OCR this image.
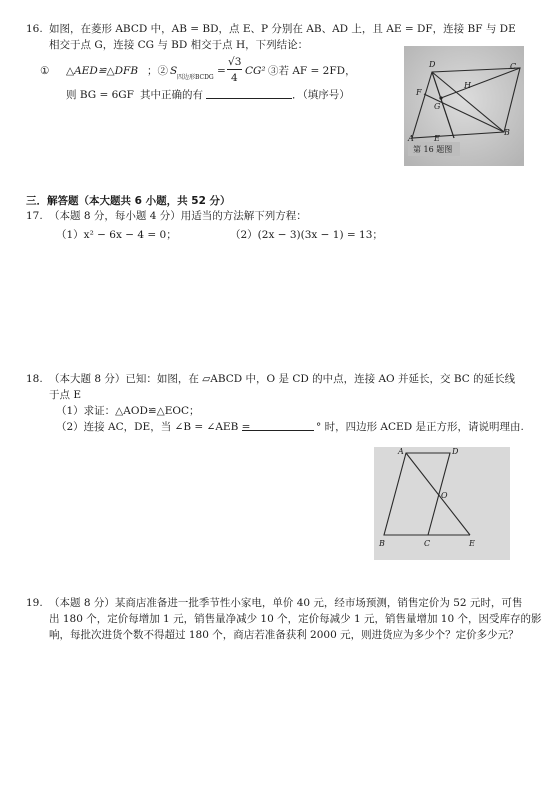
16. 如图，在菱形 ABCD 中，AB = BD，点 E、P 分别在 AB、AD 上，且 AE = DF，连接 BF 与 DE
相交于点 G，连接 CG 与 BD 相交于点 H，下列结论：
① △AED≌△DFB ；② S
四边形BCDG
=
√3
4
CG² ③若 AF = 2FD，
则 BG = 6GF 其中正确的有	．（填序号）
D	C
F
H
G
A	E
B
第 16 题图
三．解答题（本大题共 6 小题，共 52 分）
17. （本题 8 分，每小题 4 分）用适当的方法解下列方程：
（1）x² − 6x − 4 = 0；	（2）(2x − 3)(3x − 1) = 13；
18. （本大题 8 分）已知：如图，在 ▱ABCD 中，O 是 CD 的中点，连接 AO 并延长，交 BC 的延长线
于点 E
（1）求证：△AOD≌△EOC；
（2）连接 AC，DE，当 ∠B = ∠AEB =	° 时，四边形 ACED 是正方形，请说明理由.
A	D
O
B	C	E
19. （本题 8 分）某商店准备进一批季节性小家电，单价 40 元，经市场预测，销售定价为 52 元时，可售
出 180 个，定价每增加 1 元，销售量净减少 10 个，定价每减少 1 元，销售量增加 10 个，因受库存的影
响，每批次进货个数不得超过 180 个，商店若准备获利 2000 元，则进货应为多少个？定价多少元？
